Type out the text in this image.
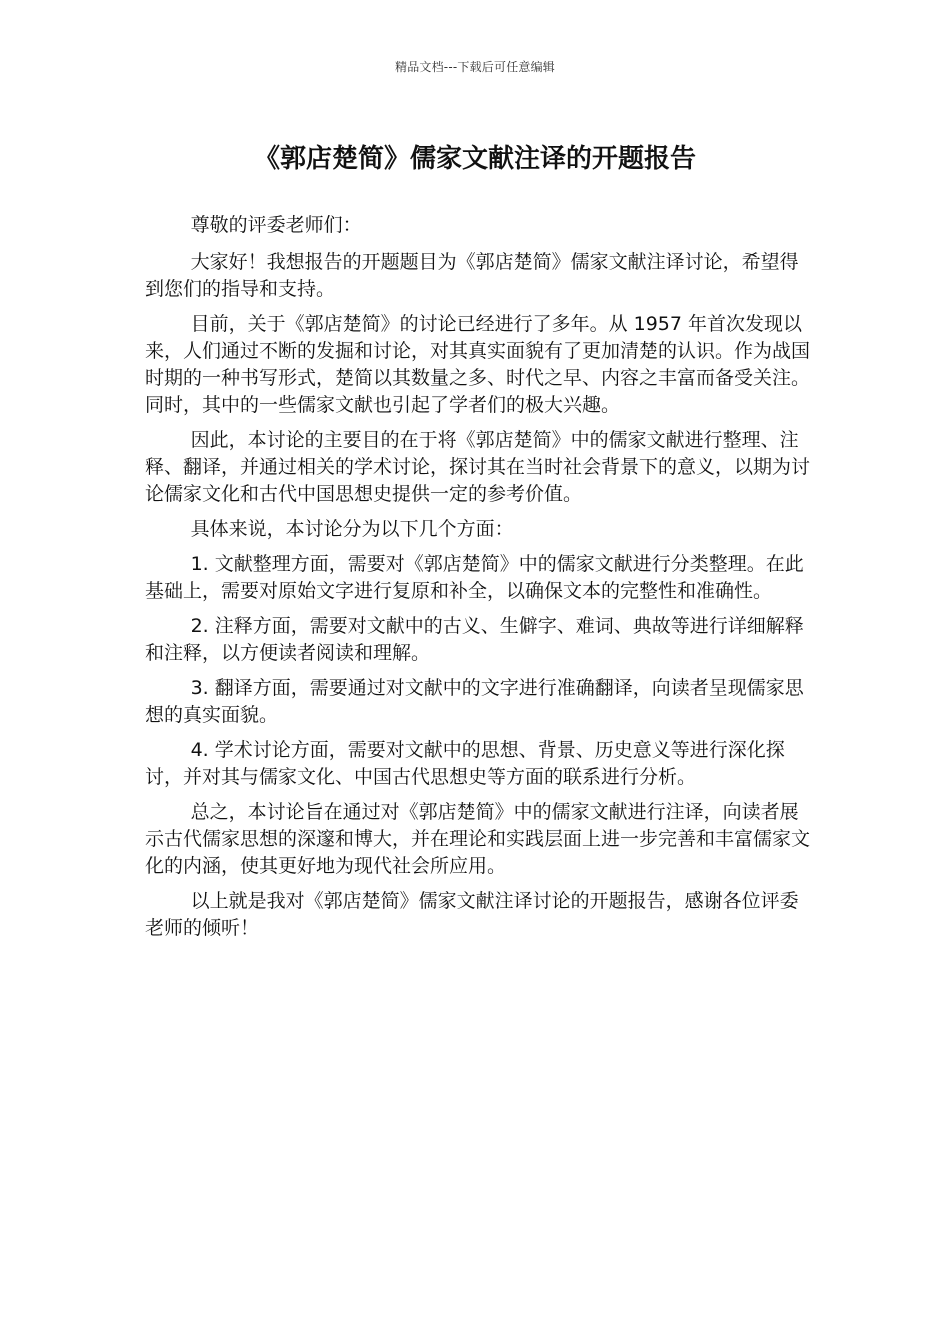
精品文档---下载后可任意编辑
《郭店楚简》儒家文献注译的开题报告

尊敬的评委老师们：

大家好！我想报告的开题题目为《郭店楚简》儒家文献注译讨论，希望得到您们的指导和支持。

目前，关于《郭店楚简》的讨论已经进行了多年。从 1957 年首次发现以来，人们通过不断的发掘和讨论，对其真实面貌有了更加清楚的认识。作为战国时期的一种书写形式，楚简以其数量之多、时代之早、内容之丰富而备受关注。同时，其中的一些儒家文献也引起了学者们的极大兴趣。

因此，本讨论的主要目的在于将《郭店楚简》中的儒家文献进行整理、注释、翻译，并通过相关的学术讨论，探讨其在当时社会背景下的意义，以期为讨论儒家文化和古代中国思想史提供一定的参考价值。

具体来说，本讨论分为以下几个方面：

1. 文献整理方面，需要对《郭店楚简》中的儒家文献进行分类整理。在此基础上，需要对原始文字进行复原和补全，以确保文本的完整性和准确性。

2. 注释方面，需要对文献中的古义、生僻字、难词、典故等进行详细解释和注释，以方便读者阅读和理解。

3. 翻译方面，需要通过对文献中的文字进行准确翻译，向读者呈现儒家思想的真实面貌。

4. 学术讨论方面，需要对文献中的思想、背景、历史意义等进行深化探讨，并对其与儒家文化、中国古代思想史等方面的联系进行分析。

总之，本讨论旨在通过对《郭店楚简》中的儒家文献进行注译，向读者展示古代儒家思想的深邃和博大，并在理论和实践层面上进一步完善和丰富儒家文化的内涵，使其更好地为现代社会所应用。

以上就是我对《郭店楚简》儒家文献注译讨论的开题报告，感谢各位评委老师的倾听！
